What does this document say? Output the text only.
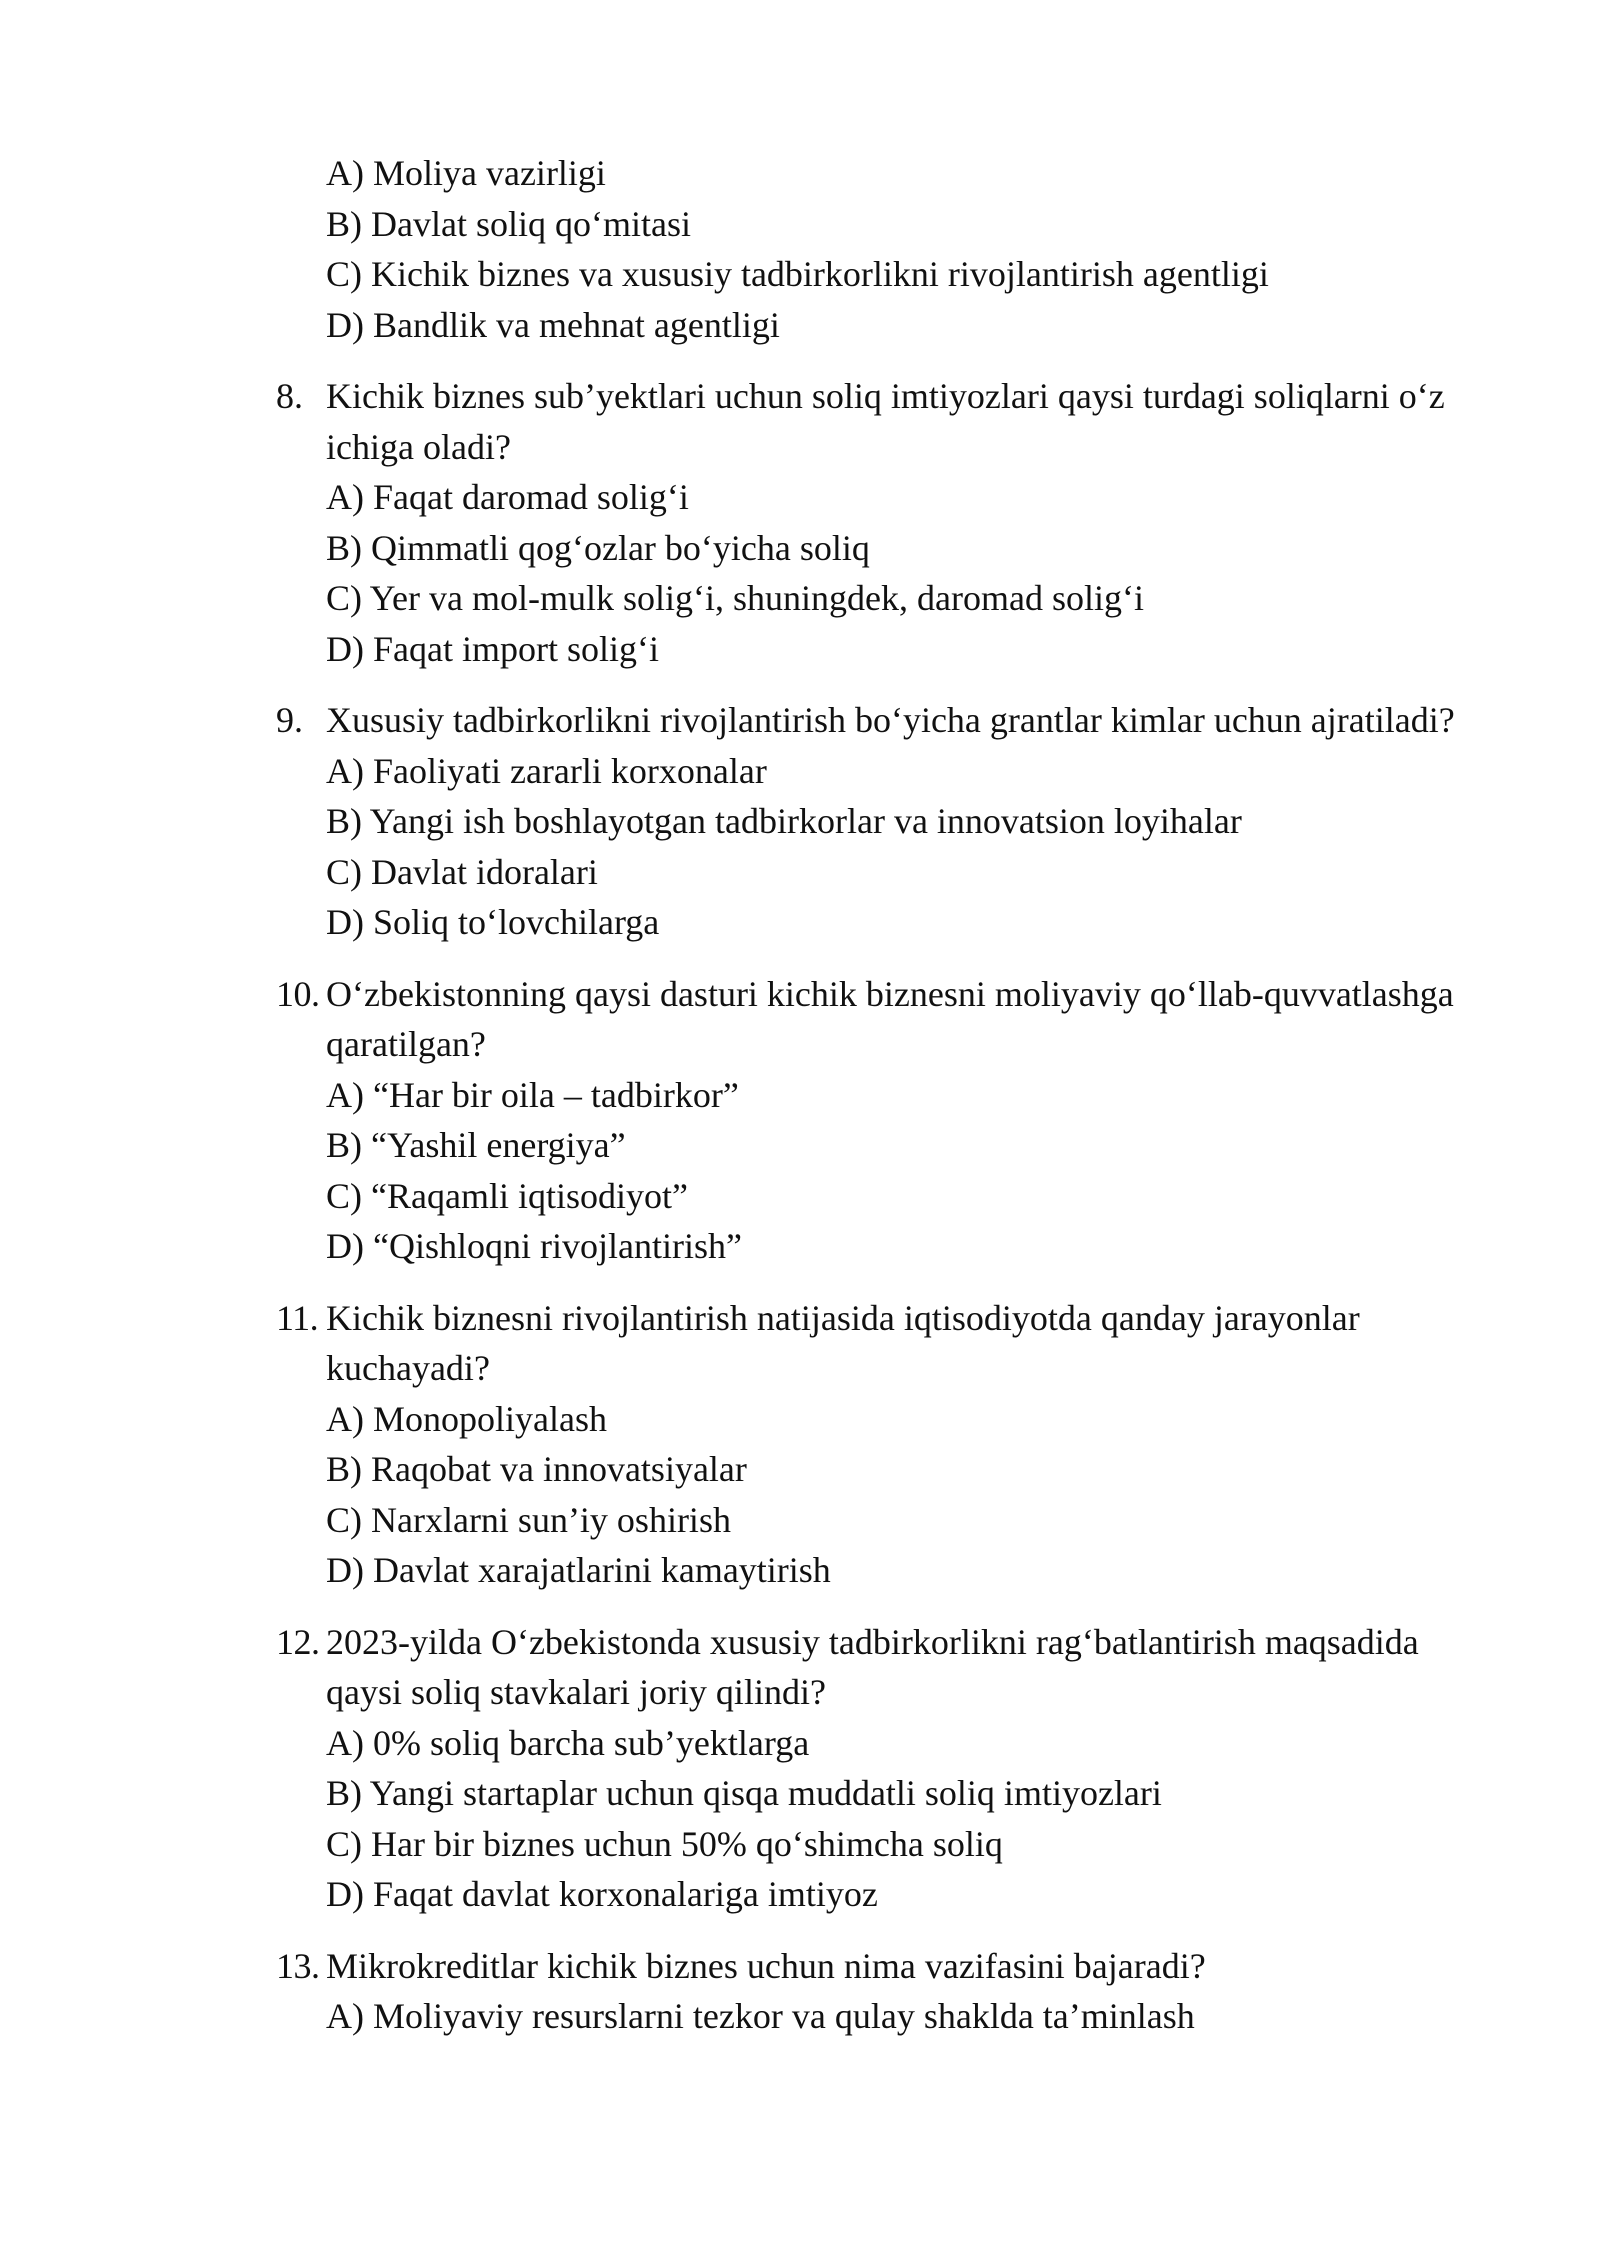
A) Moliya vazirligi
B) Davlat soliq qo‘mitasi
C) Kichik biznes va xususiy tadbirkorlikni rivojlantirish agentligi
D) Bandlik va mehnat agentligi
8. Kichik biznes sub’yektlari uchun soliq imtiyozlari qaysi turdagi soliqlarni o‘z ichiga oladi?
A) Faqat daromad solig‘i
B) Qimmatli qog‘ozlar bo‘yicha soliq
C) Yer va mol-mulk solig‘i, shuningdek, daromad solig‘i
D) Faqat import solig‘i
9. Xususiy tadbirkorlikni rivojlantirish bo‘yicha grantlar kimlar uchun ajratiladi?
A) Faoliyati zararli korxonalar
B) Yangi ish boshlayotgan tadbirkorlar va innovatsion loyihalar
C) Davlat idoralari
D) Soliq to‘lovchilarga
10. O‘zbekistonning qaysi dasturi kichik biznesni moliyaviy qo‘llab-quvvatlashga qaratilgan?
A) “Har bir oila – tadbirkor”
B) “Yashil energiya”
C) “Raqamli iqtisodiyot”
D) “Qishloqni rivojlantirish”
11. Kichik biznesni rivojlantirish natijasida iqtisodiyotda qanday jarayonlar kuchayadi?
A) Monopoliyalash
B) Raqobat va innovatsiyalar
C) Narxlarni sun’iy oshirish
D) Davlat xarajatlarini kamaytirish
12. 2023-yilda O‘zbekistonda xususiy tadbirkorlikni rag‘batlantirish maqsadida qaysi soliq stavkalari joriy qilindi?
A) 0% soliq barcha sub’yektlarga
B) Yangi startaplar uchun qisqa muddatli soliq imtiyozlari
C) Har bir biznes uchun 50% qo‘shimcha soliq
D) Faqat davlat korxonalariga imtiyoz
13. Mikrokreditlar kichik biznes uchun nima vazifasini bajaradi?
A) Moliyaviy resurslarni tezkor va qulay shaklda ta’minlash
